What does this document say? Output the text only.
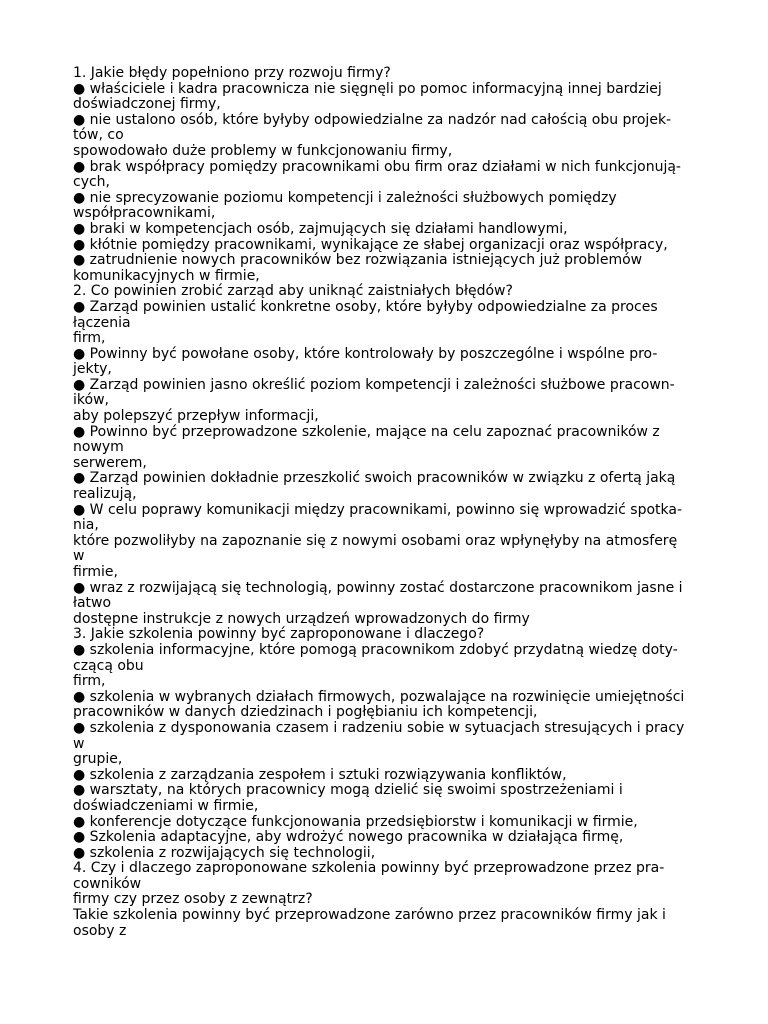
1. Jakie błędy popełniono przy rozwoju firmy?
● właściciele i kadra pracownicza nie sięgnęli po pomoc informacyjną innej bardziej
doświadczonej firmy,
● nie ustalono osób, które byłyby odpowiedzialne za nadzór nad całością obu projek-
tów, co
spowodowało duże problemy w funkcjonowaniu firmy,
● brak współpracy pomiędzy pracownikami obu firm oraz działami w nich funkcjonują-
cych,
● nie sprecyzowanie poziomu kompetencji i zależności służbowych pomiędzy
współpracownikami,
● braki w kompetencjach osób, zajmujących się działami handlowymi,
● kłótnie pomiędzy pracownikami, wynikające ze słabej organizacji oraz współpracy,
● zatrudnienie nowych pracowników bez rozwiązania istniejących już problemów
komunikacyjnych w firmie,
2. Co powinien zrobić zarząd aby uniknąć zaistniałych błędów?
● Zarząd powinien ustalić konkretne osoby, które byłyby odpowiedzialne za proces
łączenia
firm,
● Powinny być powołane osoby, które kontrolowały by poszczególne i wspólne pro-
jekty,
● Zarząd powinien jasno określić poziom kompetencji i zależności służbowe pracown-
ików,
aby polepszyć przepływ informacji,
● Powinno być przeprowadzone szkolenie, mające na celu zapoznać pracowników z
nowym
serwerem,
● Zarząd powinien dokładnie przeszkolić swoich pracowników w związku z ofertą jaką
realizują,
● W celu poprawy komunikacji między pracownikami, powinno się wprowadzić spotka-
nia,
które pozwoliłyby na zapoznanie się z nowymi osobami oraz wpłynęłyby na atmosferę
w
firmie,
● wraz z rozwijającą się technologią, powinny zostać dostarczone pracownikom jasne i
łatwo
dostępne instrukcje z nowych urządzeń wprowadzonych do firmy
3. Jakie szkolenia powinny być zaproponowane i dlaczego?
● szkolenia informacyjne, które pomogą pracownikom zdobyć przydatną wiedzę doty-
czącą obu
firm,
● szkolenia w wybranych działach firmowych, pozwalające na rozwinięcie umiejętności
pracowników w danych dziedzinach i pogłębianiu ich kompetencji,
● szkolenia z dysponowania czasem i radzeniu sobie w sytuacjach stresujących i pracy
w
grupie,
● szkolenia z zarządzania zespołem i sztuki rozwiązywania konfliktów,
● warsztaty, na których pracownicy mogą dzielić się swoimi spostrzeżeniami i
doświadczeniami w firmie,
● konferencje dotyczące funkcjonowania przedsiębiorstw i komunikacji w firmie,
● Szkolenia adaptacyjne, aby wdrożyć nowego pracownika w działająca firmę,
● szkolenia z rozwijających się technologii,
4. Czy i dlaczego zaproponowane szkolenia powinny być przeprowadzone przez pra-
cowników
firmy czy przez osoby z zewnątrz?
Takie szkolenia powinny być przeprowadzone zarówno przez pracowników firmy jak i
osoby z
